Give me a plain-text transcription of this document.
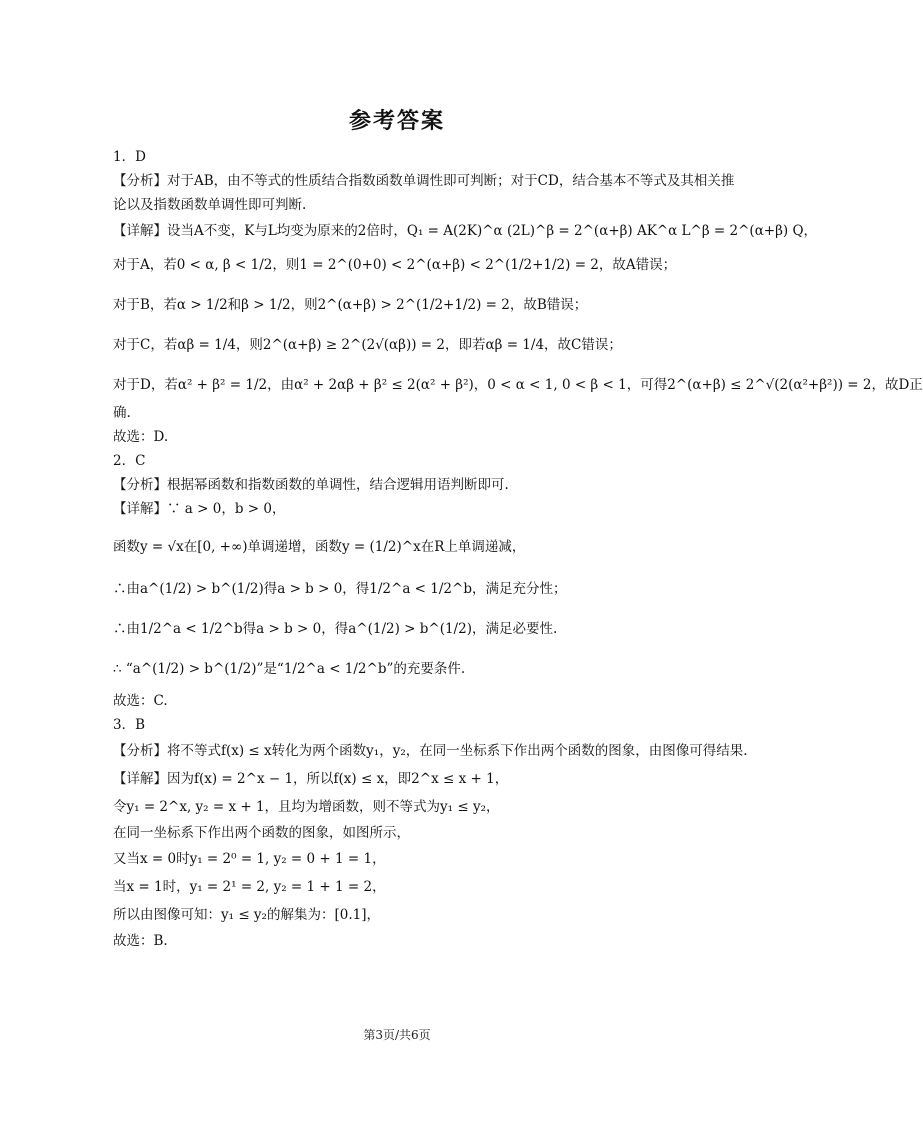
参考答案
1．D
【分析】对于AB，由不等式的性质结合指数函数单调性即可判断；对于CD，结合基本不等式及其相关推
论以及指数函数单调性即可判断.
【详解】设当A不变，K与L均变为原来的2倍时，Q₁ = A(2K)^α (2L)^β = 2^(α+β) AK^α L^β = 2^(α+β) Q，
对于A，若0 < α, β < 1/2，则1 = 2^(0+0) < 2^(α+β) < 2^(1/2+1/2) = 2，故A错误；
对于B，若α > 1/2和β > 1/2，则2^(α+β) > 2^(1/2+1/2) = 2，故B错误；
对于C，若αβ = 1/4，则2^(α+β) ≥ 2^(2√(αβ)) = 2，即若αβ = 1/4，故C错误；
对于D，若α² + β² = 1/2，由α² + 2αβ + β² ≤ 2(α² + β²)，0 < α < 1, 0 < β < 1，可得2^(α+β) ≤ 2^√(2(α²+β²)) = 2，故D正
确.
故选：D.
2．C
【分析】根据幂函数和指数函数的单调性，结合逻辑用语判断即可.
【详解】∵ a > 0，b > 0，
函数y = √x在[0, +∞)单调递增，函数y = (1/2)^x在R上单调递减，
∴由a^(1/2) > b^(1/2)得a > b > 0，得1/2^a < 1/2^b，满足充分性；
∴由1/2^a < 1/2^b得a > b > 0，得a^(1/2) > b^(1/2)，满足必要性.
∴ “a^(1/2) > b^(1/2)”是“1/2^a < 1/2^b”的充要条件.
故选：C.
3．B
【分析】将不等式f(x) ≤ x转化为两个函数y₁，y₂，在同一坐标系下作出两个函数的图象，由图像可得结果.
【详解】因为f(x) = 2^x − 1，所以f(x) ≤ x，即2^x ≤ x + 1，
令y₁ = 2^x, y₂ = x + 1，且均为增函数，则不等式为y₁ ≤ y₂，
在同一坐标系下作出两个函数的图象，如图所示，
又当x = 0时y₁ = 2⁰ = 1, y₂ = 0 + 1 = 1，
当x = 1时，y₁ = 2¹ = 2, y₂ = 1 + 1 = 2，
所以由图像可知：y₁ ≤ y₂的解集为：[0.1]，
故选：B.
第3页/共6页
